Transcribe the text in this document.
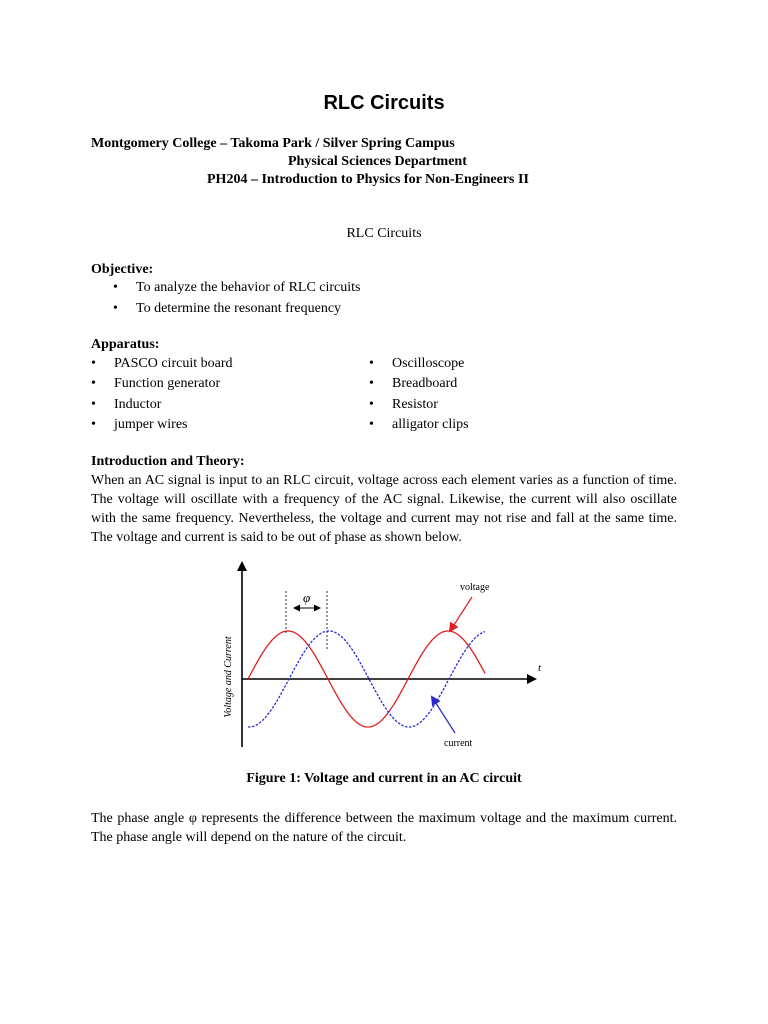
RLC Circuits

Montgomery College – Takoma Park / Silver Spring Campus

Physical Sciences Department

PH204 – Introduction to Physics for Non-Engineers II

RLC Circuits

Objective:

• To analyze the behavior of RLC circuits
• To determine the resonant frequency

Apparatus:

• PASCO circuit board
• Function generator
• Inductor
• jumper wires
• Oscilloscope
• Breadboard
• Resistor
• alligator clips

Introduction and Theory:

When an AC signal is input to an RLC circuit, voltage across each element varies as a function of time. The voltage will oscillate with a frequency of the AC signal. Likewise, the current will also oscillate with the same frequency. Nevertheless, the voltage and current may not rise and fall at the same time. The voltage and current is said to be out of phase as shown below.

t
Voltage and Current
φ
voltage
current

Figure 1: Voltage and current in an AC circuit

The phase angle φ represents the difference between the maximum voltage and the maximum current. The phase angle will depend on the nature of the circuit.
